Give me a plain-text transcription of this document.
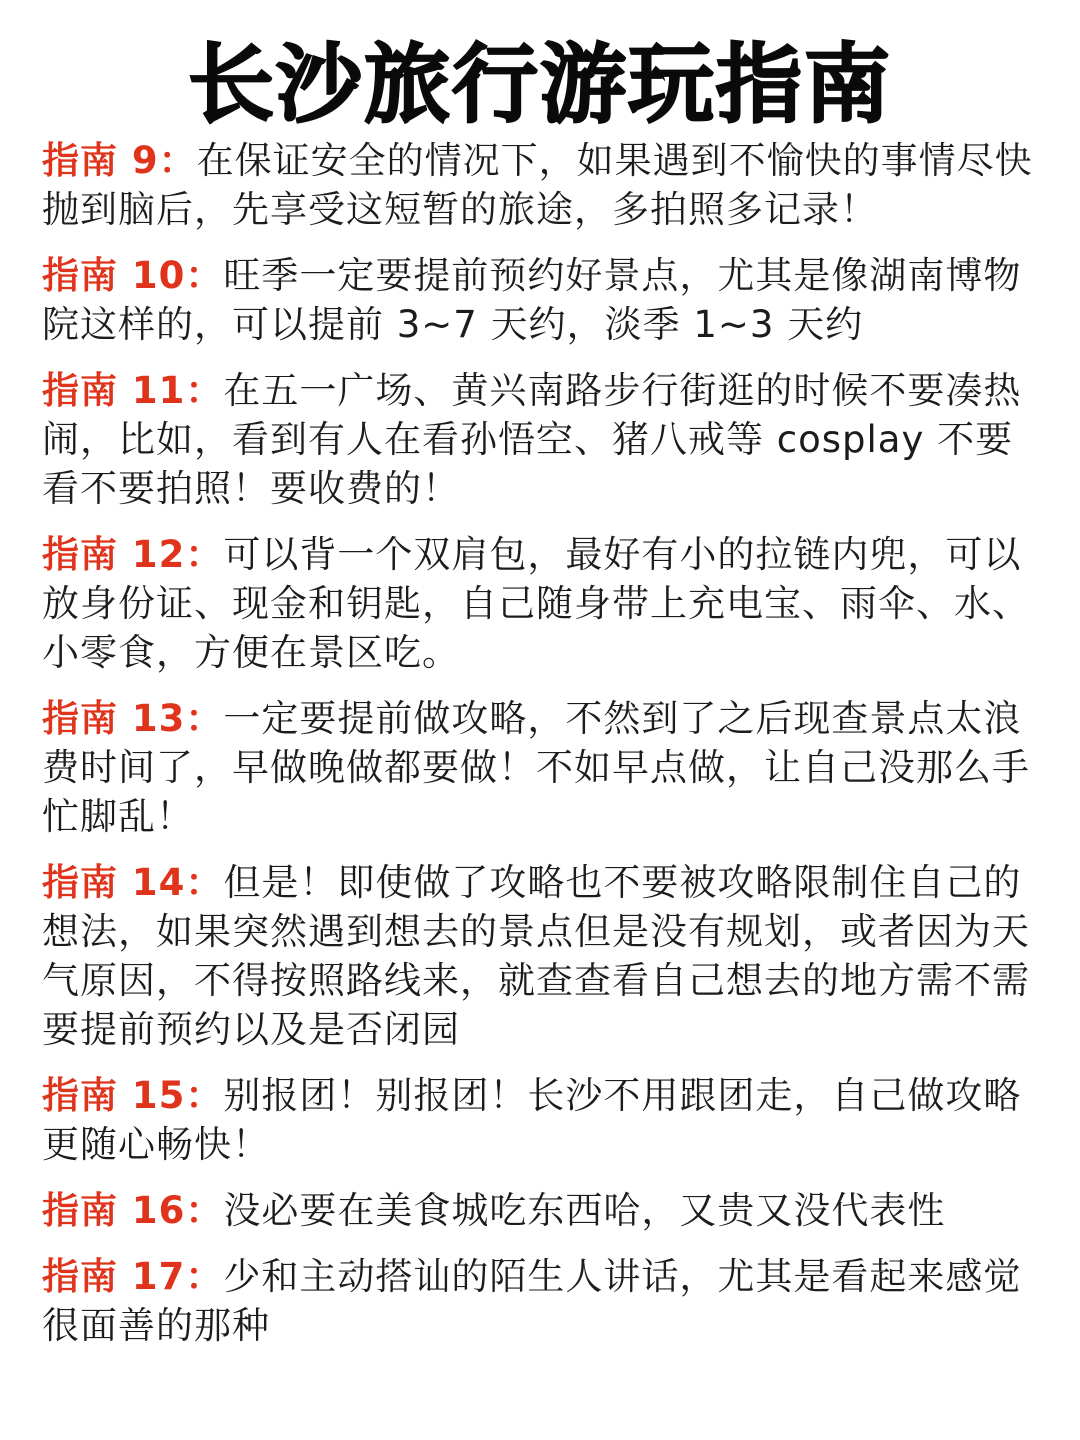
长沙旅行游玩指南
指南 9：在保证安全的情况下，如果遇到不愉快的事情尽快抛到脑后，先享受这短暂的旅途，多拍照多记录！
指南 10：旺季一定要提前预约好景点，尤其是像湖南博物院这样的，可以提前 3~7 天约，淡季 1~3 天约
指南 11：在五一广场、黄兴南路步行街逛的时候不要凑热闹，比如，看到有人在看孙悟空、猪八戒等 cosplay 不要看不要拍照！要收费的！
指南 12：可以背一个双肩包，最好有小的拉链内兜，可以放身份证、现金和钥匙，自己随身带上充电宝、雨伞、水、小零食，方便在景区吃。
指南 13：一定要提前做攻略，不然到了之后现查景点太浪费时间了，早做晚做都要做！不如早点做，让自己没那么手忙脚乱！
指南 14：但是！即使做了攻略也不要被攻略限制住自己的想法，如果突然遇到想去的景点但是没有规划，或者因为天气原因，不得按照路线来，就查查看自己想去的地方需不需要提前预约以及是否闭园
指南 15：别报团！别报团！长沙不用跟团走，自己做攻略更随心畅快！
指南 16：没必要在美食城吃东西哈，又贵又没代表性
指南 17：少和主动搭讪的陌生人讲话，尤其是看起来感觉很面善的那种
